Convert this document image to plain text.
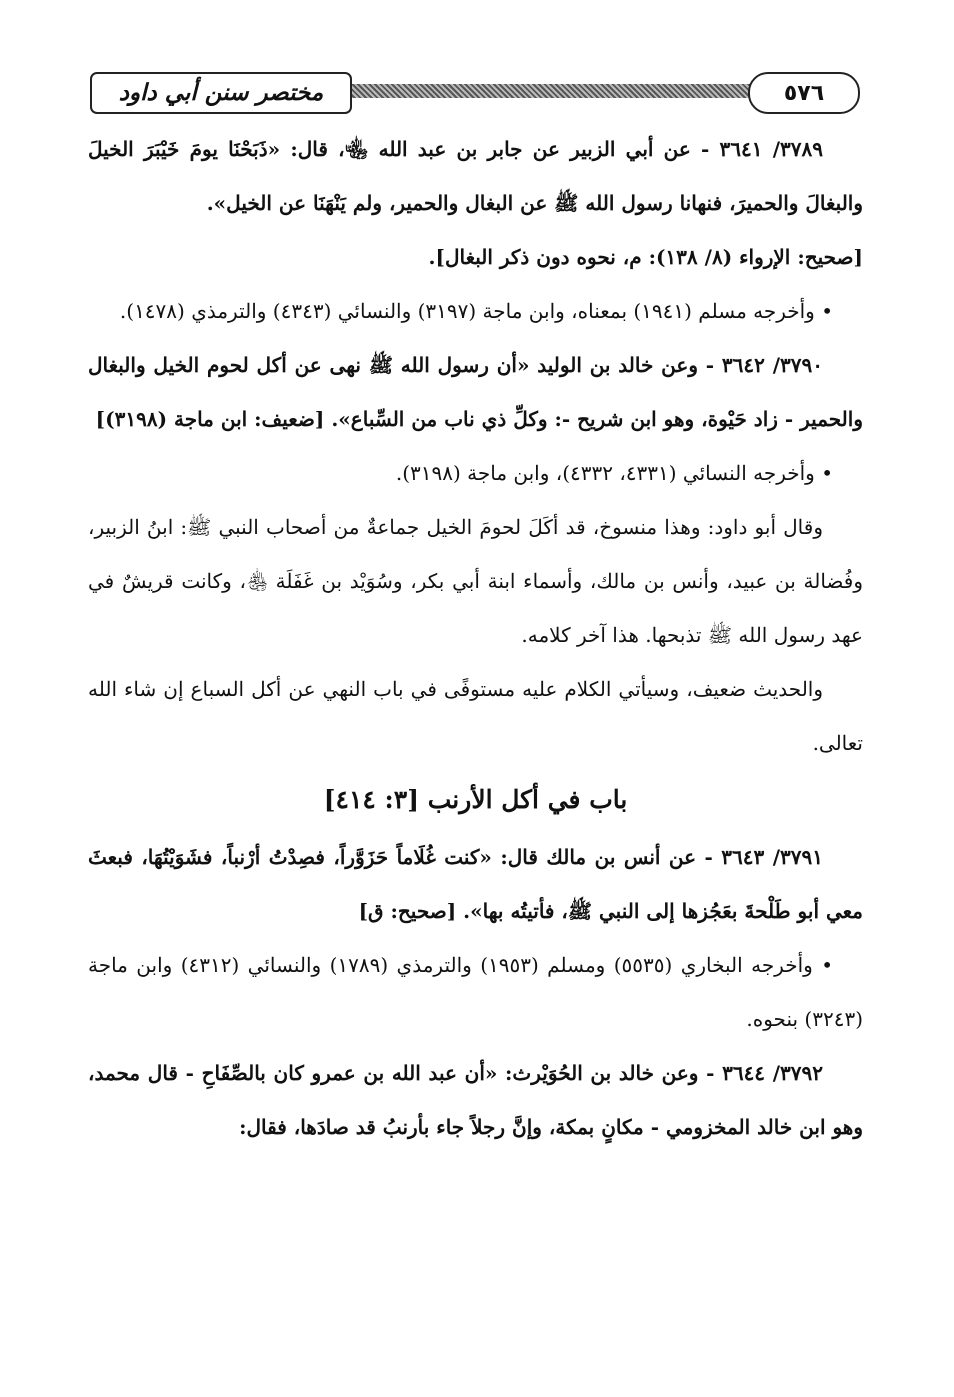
مختصر سنن أبي داود	٥٧٦

٣٧٨٩/ ٣٦٤١ - عن أبي الزبير عن جابر بن عبد الله ﵄، قال: «ذَبَحْنَا يومَ خَيْبَرَ الخيلَ والبغالَ والحميرَ، فنهانا رسول الله ﷺ عن البغال والحمير، ولم يَنْهَنَا عن الخيل».

[صحيح: الإرواء (٨/ ١٣٨): م، نحوه دون ذكر البغال].

• وأخرجه مسلم (١٩٤١) بمعناه، وابن ماجة (٣١٩٧) والنسائي (٤٣٤٣) والترمذي (١٤٧٨).

٣٧٩٠/ ٣٦٤٢ - وعن خالد بن الوليد «أن رسول الله ﷺ نهى عن أكل لحوم الخيل والبغال والحمير - زاد حَيْوة، وهو ابن شريح -: وكلِّ ذي ناب من السِّباع». [ضعيف: ابن ماجة (٣١٩٨)]

• وأخرجه النسائي (٤٣٣١، ٤٣٣٢)، وابن ماجة (٣١٩٨).

وقال أبو داود: وهذا منسوخ، قد أكَلَ لحومَ الخيل جماعةٌ من أصحاب النبي ﷺ: ابنُ الزبير، وفُضالة بن عبيد، وأنس بن مالك، وأسماء ابنة أبي بكر، وسُوَيْد بن غَفَلَة ﵃، وكانت قريشٌ في عهد رسول الله ﷺ تذبحها. هذا آخر كلامه.

والحديث ضعيف، وسيأتي الكلام عليه مستوفًى في باب النهي عن أكل السباع إن شاء الله تعالى.

باب في أكل الأرنب [٣: ٤١٤]

٣٧٩١/ ٣٦٤٣ - عن أنس بن مالك قال: «كنت غُلَاماً حَزَوَّراً، فصِدْتُ أرْنباً، فشَوَيْتُهَا، فبعثَ معي أبو طَلْحةَ بعَجُزها إلى النبي ﷺ، فأتيتُه بها». [صحيح: ق]

• وأخرجه البخاري (٥٥٣٥) ومسلم (١٩٥٣) والترمذي (١٧٨٩) والنسائي (٤٣١٢) وابن ماجة (٣٢٤٣) بنحوه.

٣٧٩٢/ ٣٦٤٤ - وعن خالد بن الحُوَيْرث: «أن عبد الله بن عمرو كان بالصِّفَاحِ - قال محمد، وهو ابن خالد المخزومي - مكانٍ بمكة، وإنَّ رجلاً جاء بأرنبُ قد صادَها، فقال:
